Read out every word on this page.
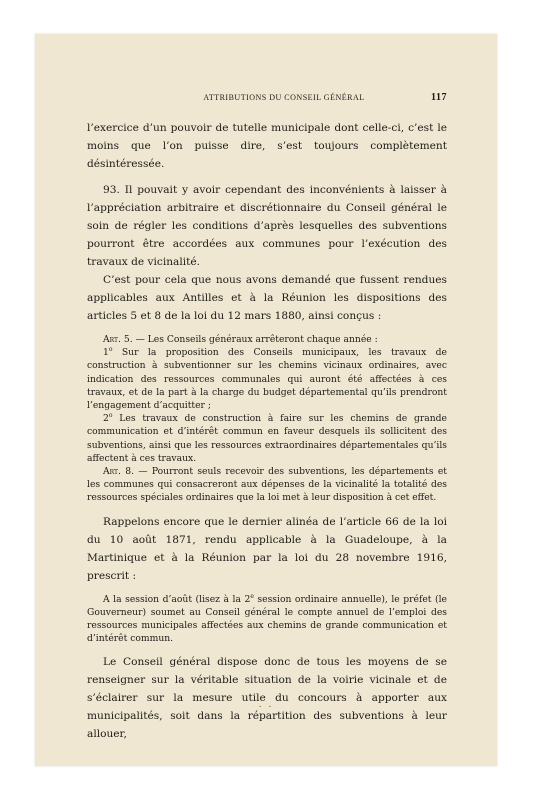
ATTRIBUTIONS DU CONSEIL GÉNÉRAL	117

l’exercice d’un pouvoir de tutelle municipale dont celle-ci, c’est le moins que l’on puisse dire, s’est toujours complètement désintéressée.

93. Il pouvait y avoir cependant des inconvénients à laisser à l’appréciation arbitraire et discrétionnaire du Conseil général le soin de régler les conditions d’après lesquelles des subventions pourront être accordées aux communes pour l’exécution des travaux de vicinalité.

C’est pour cela que nous avons demandé que fussent rendues applicables aux Antilles et à la Réunion les dispositions des articles 5 et 8 de la loi du 12 mars 1880, ainsi conçus :

Art. 5. — Les Conseils généraux arrêteront chaque année :

1$^o$ Sur la proposition des Conseils municipaux, les travaux de construction à subventionner sur les chemins vicinaux ordinaires, avec indication des ressources communales qui auront été affectées à ces travaux, et de la part à la charge du budget départemental qu’ils prendront l’engagement d’acquitter ;

2$^o$ Les travaux de construction à faire sur les chemins de grande communication et d’intérêt commun en faveur desquels ils sollicitent des subventions, ainsi que les ressources extraordinaires départementales qu’ils affectent à ces travaux.

Art. 8. — Pourront seuls recevoir des subventions, les départements et les communes qui consacreront aux dépenses de la vicinalité la totalité des ressources spéciales ordinaires que la loi met à leur disposition à cet effet.

Rappelons encore que le dernier alinéa de l’article 66 de la loi du 10 août 1871, rendu applicable à la Guadeloupe, à la Martinique et à la Réunion par la loi du 28 novembre 1916, prescrit :

A la session d’août (lisez à la 2e session ordinaire annuelle), le préfet (le Gouverneur) soumet au Conseil général le compte annuel de l’emploi des ressources municipales affectées aux chemins de grande communication et d’intérêt commun.

Le Conseil général dispose donc de tous les moyens de se renseigner sur la véritable situation de la voirie vicinale et de s’éclairer sur la mesure utile du concours à apporter aux municipalités, soit dans la répartition des subventions à leur allouer,

· ·
